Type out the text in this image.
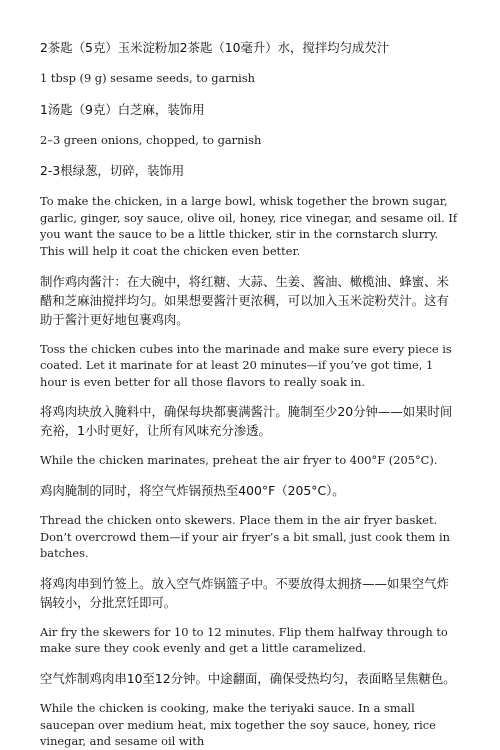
2茶匙（5克）玉米淀粉加2茶匙（10毫升）水，搅拌均匀成芡汁

1 tbsp (9 g) sesame seeds, to garnish

1汤匙（9克）白芝麻，装饰用

2–3 green onions, chopped, to garnish

2-3根绿葱，切碎，装饰用

To make the chicken, in a large bowl, whisk together the brown sugar, garlic, ginger, soy sauce, olive oil, honey, rice vinegar, and sesame oil. If you want the sauce to be a little thicker, stir in the cornstarch slurry. This will help it coat the chicken even better.

制作鸡肉酱汁：在大碗中，将红糖、大蒜、生姜、酱油、橄榄油、蜂蜜、米醋和芝麻油搅拌均匀。如果想要酱汁更浓稠，可以加入玉米淀粉芡汁。这有助于酱汁更好地包裹鸡肉。

Toss the chicken cubes into the marinade and make sure every piece is coated. Let it marinate for at least 20 minutes—if you’ve got time, 1 hour is even better for all those flavors to really soak in.

将鸡肉块放入腌料中，确保每块都裹满酱汁。腌制至少20分钟——如果时间充裕，1小时更好，让所有风味充分渗透。

While the chicken marinates, preheat the air fryer to 400°F (205°C).

鸡肉腌制的同时，将空气炸锅预热至400°F（205°C）。

Thread the chicken onto skewers. Place them in the air fryer basket. Don’t overcrowd them—if your air fryer’s a bit small, just cook them in batches.

将鸡肉串到竹签上。放入空气炸锅篮子中。不要放得太拥挤——如果空气炸锅较小，分批烹饪即可。

Air fry the skewers for 10 to 12 minutes. Flip them halfway through to make sure they cook evenly and get a little caramelized.

空气炸制鸡肉串10至12分钟。中途翻面，确保受热均匀，表面略呈焦糖色。

While the chicken is cooking, make the teriyaki sauce. In a small saucepan over medium heat, mix together the soy sauce, honey, rice vinegar, and sesame oil with
